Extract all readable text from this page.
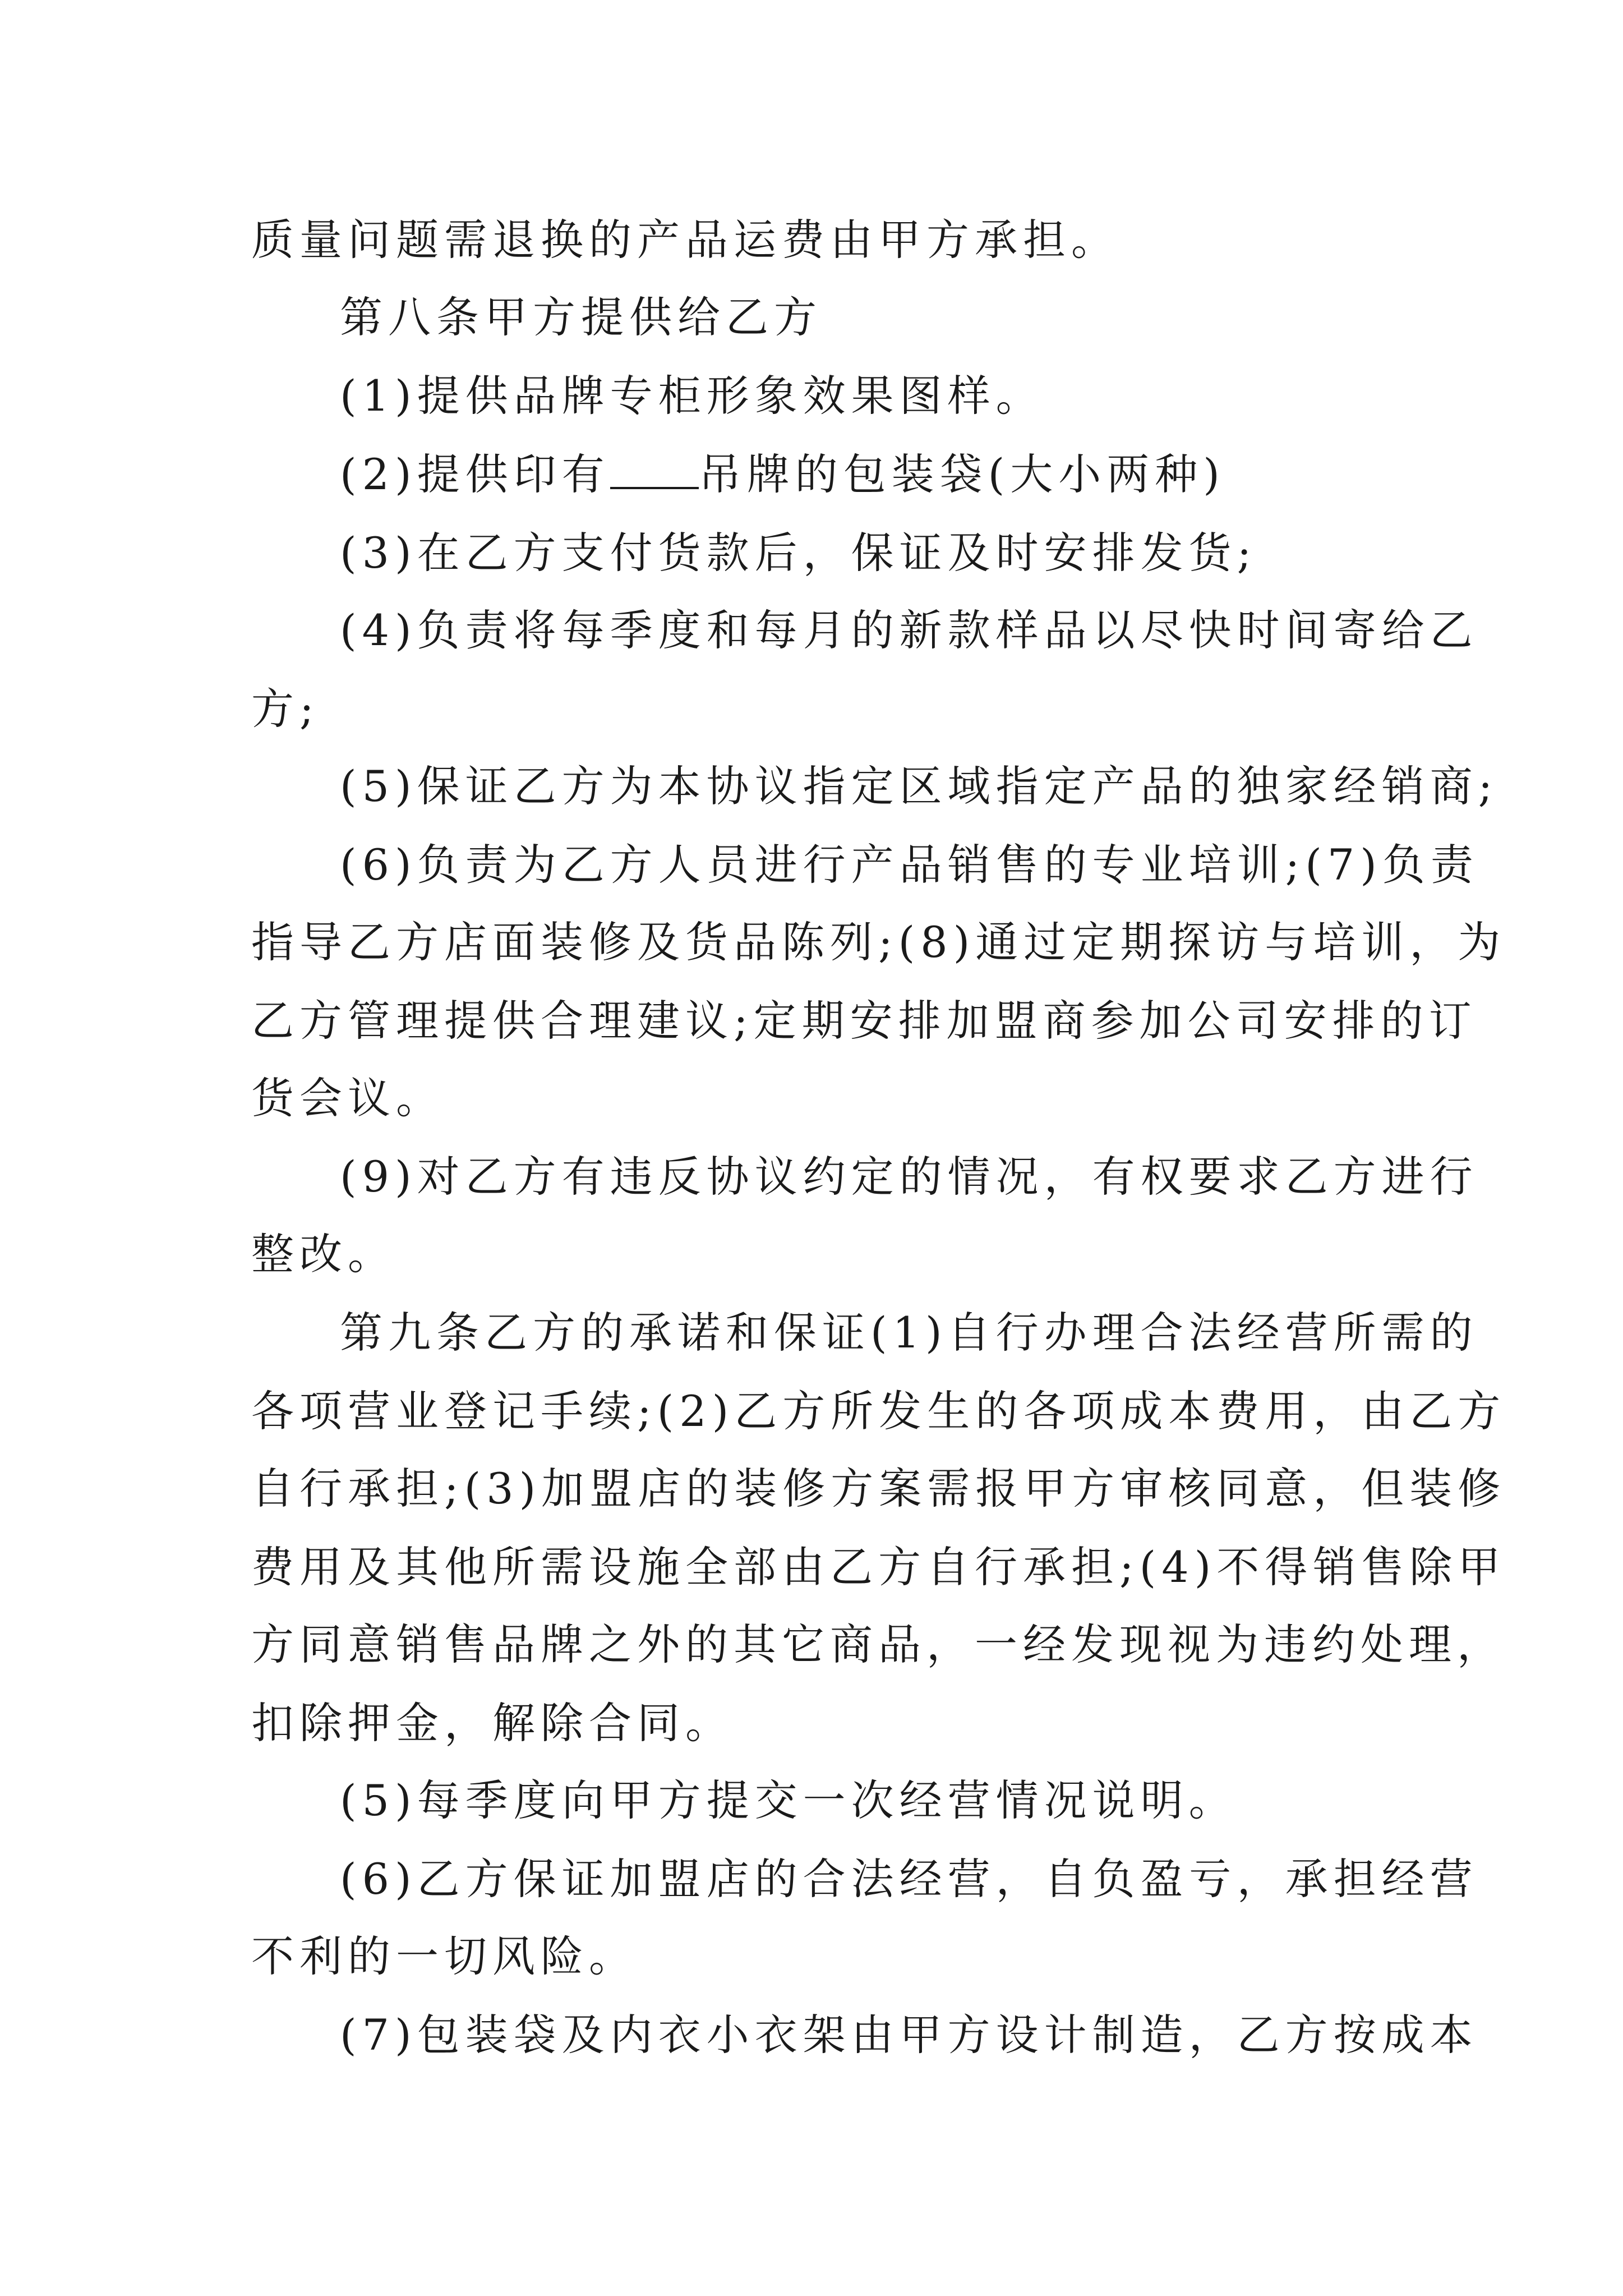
质量问题需退换的产品运费由甲方承担。

第八条甲方提供给乙方

(1)提供品牌专柜形象效果图样。

(2)提供印有 吊牌的包装袋(大小两种)

(3)在乙方支付货款后，保证及时安排发货;

(4)负责将每季度和每月的新款样品以尽快时间寄给乙

方;

(5)保证乙方为本协议指定区域指定产品的独家经销商;

(6)负责为乙方人员进行产品销售的专业培训;(7)负责

指导乙方店面装修及货品陈列;(8)通过定期探访与培训，为

乙方管理提供合理建议;定期安排加盟商参加公司安排的订

货会议。

(9)对乙方有违反协议约定的情况，有权要求乙方进行

整改。

第九条乙方的承诺和保证(1)自行办理合法经营所需的

各项营业登记手续;(2)乙方所发生的各项成本费用，由乙方

自行承担;(3)加盟店的装修方案需报甲方审核同意，但装修

费用及其他所需设施全部由乙方自行承担;(4)不得销售除甲

方同意销售品牌之外的其它商品，一经发现视为违约处理，

扣除押金，解除合同。

(5)每季度向甲方提交一次经营情况说明。

(6)乙方保证加盟店的合法经营，自负盈亏，承担经营

不利的一切风险。

(7)包装袋及内衣小衣架由甲方设计制造，乙方按成本
